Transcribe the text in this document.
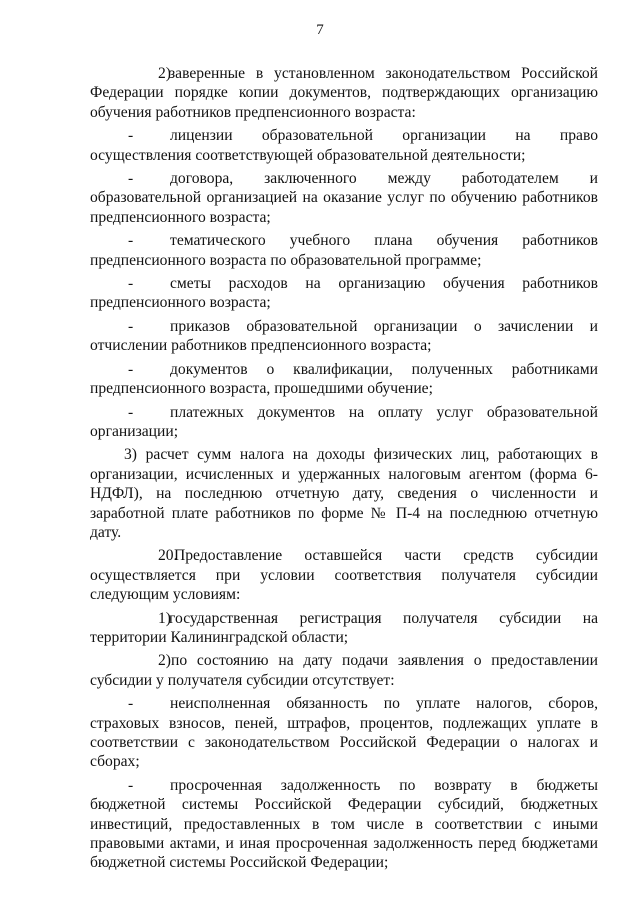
7

2)заверенные в установленном законодательством Российской Федерации порядке копии документов, подтверждающих организацию обучения работников предпенсионного возраста:

- лицензии образовательной организации на право осуществления соответствующей образовательной деятельности;

- договора, заключенного между работодателем и образовательной организацией на оказание услуг по обучению работников предпенсионного возраста;

- тематического учебного плана обучения работников предпенсионного возраста по образовательной программе;

- сметы расходов на организацию обучения работников предпенсионного возраста;

- приказов образовательной организации о зачислении и отчислении работников предпенсионного возраста;

- документов о квалификации, полученных работниками предпенсионного возраста, прошедшими обучение;

- платежных документов на оплату услуг образовательной организации;

3) расчет сумм налога на доходы физических лиц, работающих в организации, исчисленных и удержанных налоговым агентом (форма 6-НДФЛ), на последнюю отчетную дату, сведения о численности и заработной плате работников по форме № П-4 на последнюю отчетную дату.

20.Предоставление оставшейся части средств субсидии осуществляется при условии соответствия получателя субсидии следующим условиям:

1)государственная регистрация получателя субсидии на территории Калининградской области;

2)по состоянию на дату подачи заявления о предоставлении субсидии у получателя субсидии отсутствует:

- неисполненная обязанность по уплате налогов, сборов, страховых взносов, пеней, штрафов, процентов, подлежащих уплате в соответствии с законодательством Российской Федерации о налогах и сборах;

- просроченная задолженность по возврату в бюджеты бюджетной системы Российской Федерации субсидий, бюджетных инвестиций, предоставленных в том числе в соответствии с иными правовыми актами, и иная просроченная задолженность перед бюджетами бюджетной системы Российской Федерации;
